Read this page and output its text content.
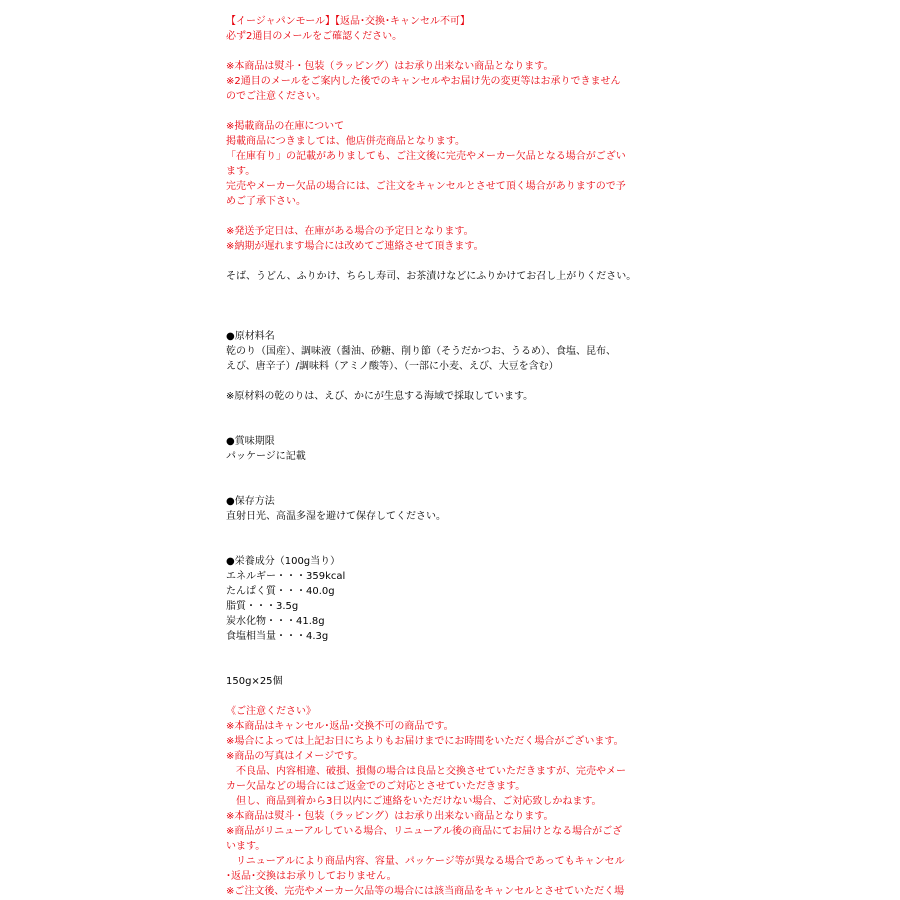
【イージャパンモール】【返品･交換･キャンセル不可】
必ず2通目のメールをご確認ください。
※本商品は熨斗・包装（ラッピング）はお承り出来ない商品となります。
※2通目のメールをご案内した後でのキャンセルやお届け先の変更等はお承りできません
のでご注意ください。
※掲載商品の在庫について
掲載商品につきましては、他店併売商品となります。
「在庫有り」の記載がありましても、ご注文後に完売やメーカー欠品となる場合がござい
ます。
完売やメーカー欠品の場合には、ご注文をキャンセルとさせて頂く場合がありますので予
めご了承下さい。
※発送予定日は、在庫がある場合の予定日となります。
※納期が遅れます場合には改めてご連絡させて頂きます。
そば、うどん、ふりかけ、ちらし寿司、お茶漬けなどにふりかけてお召し上がりください。
●原材料名
乾のり（国産）、調味液（醤油、砂糖、削り節（そうだかつお、うるめ）、食塩、昆布、
えび、唐辛子）/調味料（アミノ酸等）、（一部に小麦、えび、大豆を含む）
※原材料の乾のりは、えび、かにが生息する海域で採取しています。
●賞味期限
パッケージに記載
●保存方法
直射日光、高温多湿を避けて保存してください。
●栄養成分（100g当り）
エネルギー・・・359kcal
たんぱく質・・・40.0g
脂質・・・3.5g
炭水化物・・・41.8g
食塩相当量・・・4.3g
150g×25個
《ご注意ください》
※本商品はキャンセル･返品･交換不可の商品です。
※場合によっては上記お日にちよりもお届けまでにお時間をいただく場合がございます。
※商品の写真はイメージです。
　不良品、内容相違、破損、損傷の場合は良品と交換させていただきますが、完売やメー
カー欠品などの場合にはご返金でのご対応とさせていただきます。
　但し、商品到着から3日以内にご連絡をいただけない場合、ご対応致しかねます。
※本商品は熨斗・包装（ラッピング）はお承り出来ない商品となります。
※商品がリニューアルしている場合、リニューアル後の商品にてお届けとなる場合がござ
います。
　リニューアルにより商品内容、容量、パッケージ等が異なる場合であってもキャンセル
･返品･交換はお承りしておりません。
※ご注文後、完売やメーカー欠品等の場合には該当商品をキャンセルとさせていただく場
